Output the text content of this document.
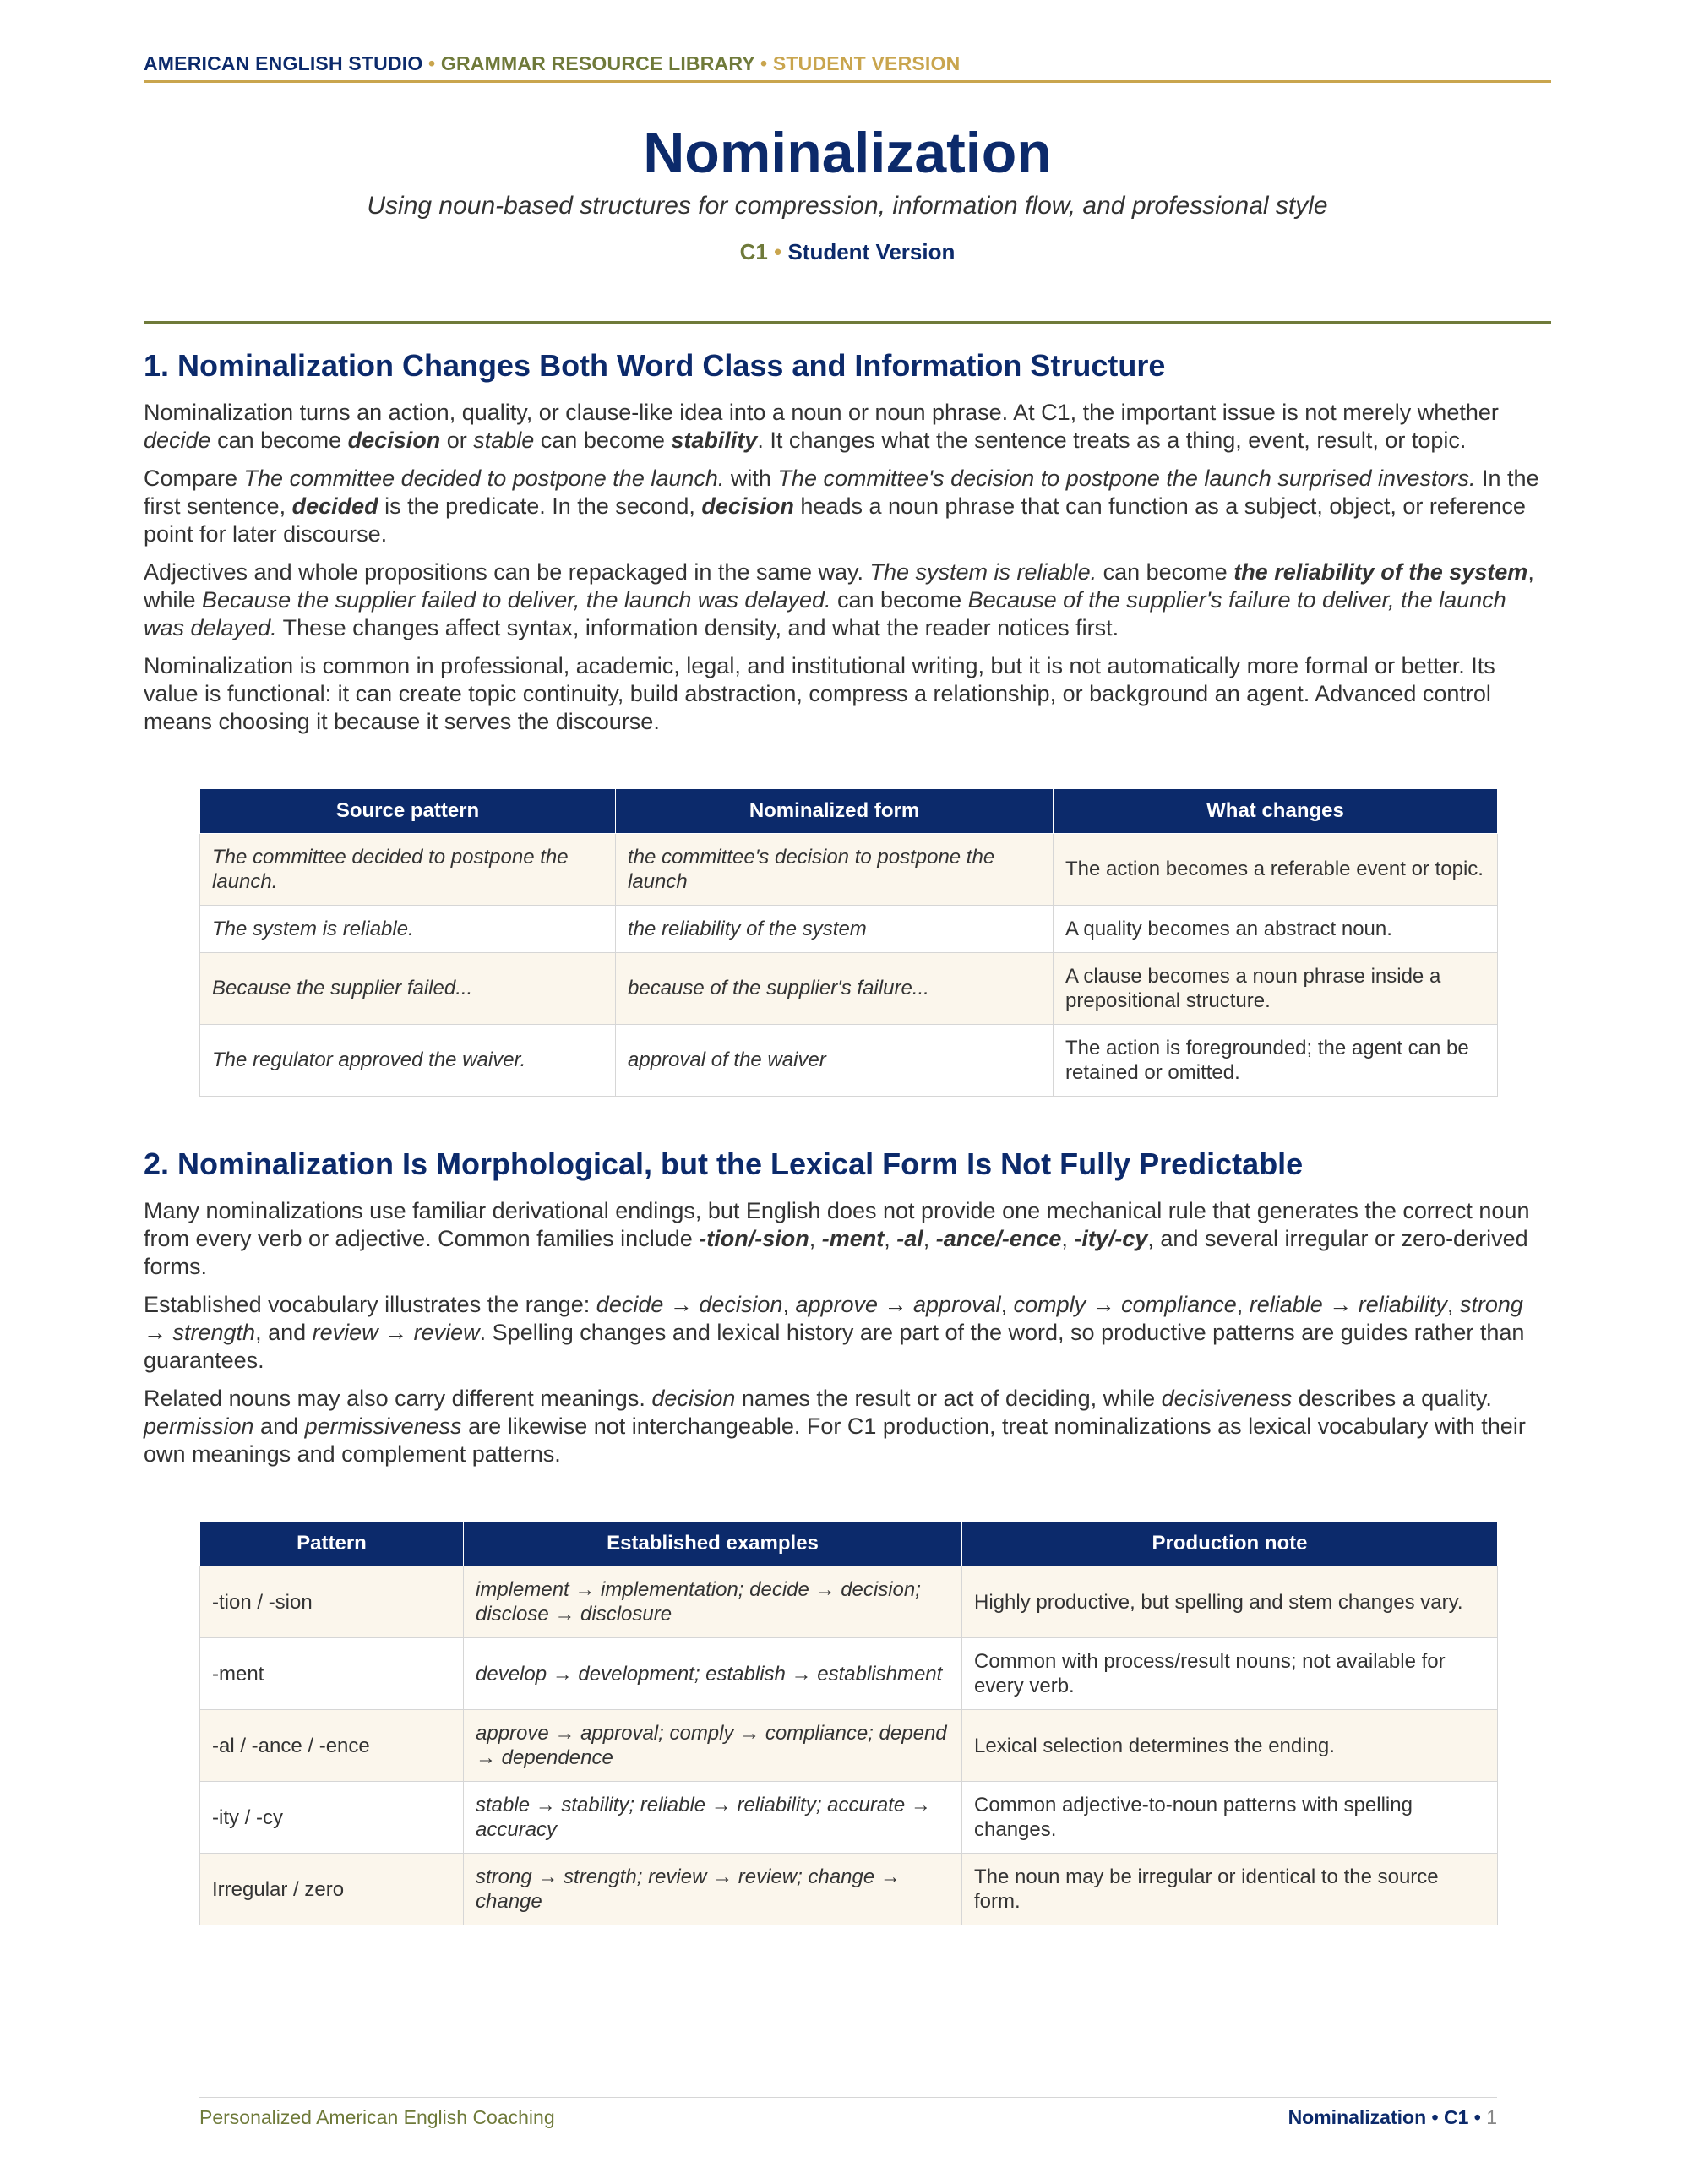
AMERICAN ENGLISH STUDIO • GRAMMAR RESOURCE LIBRARY • STUDENT VERSION
Nominalization
Using noun-based structures for compression, information flow, and professional style
C1 • Student Version
1. Nominalization Changes Both Word Class and Information Structure

Nominalization turns an action, quality, or clause-like idea into a noun or noun phrase. At C1, the important issue is not merely whether decide can become decision or stable can become stability. It changes what the sentence treats as a thing, event, result, or topic.

Compare The committee decided to postpone the launch. with The committee's decision to postpone the launch surprised investors. In the first sentence, decided is the predicate. In the second, decision heads a noun phrase that can function as a subject, object, or reference point for later discourse.

Adjectives and whole propositions can be repackaged in the same way. The system is reliable. can become the reliability of the system, while Because the supplier failed to deliver, the launch was delayed. can become Because of the supplier's failure to deliver, the launch was delayed. These changes affect syntax, information density, and what the reader notices first.

Nominalization is common in professional, academic, legal, and institutional writing, but it is not automatically more formal or better. Its value is functional: it can create topic continuity, build abstraction, compress a relationship, or background an agent. Advanced control means choosing it because it serves the discourse.

Source pattern	Nominalized form	What changes
The committee decided to postpone the launch.	the committee's decision to postpone the launch	The action becomes a referable event or topic.
The system is reliable.	the reliability of the system	A quality becomes an abstract noun.
Because the supplier failed...	because of the supplier's failure...	A clause becomes a noun phrase inside a prepositional structure.
The regulator approved the waiver.	approval of the waiver	The action is foregrounded; the agent can be retained or omitted.
2. Nominalization Is Morphological, but the Lexical Form Is Not Fully Predictable

Many nominalizations use familiar derivational endings, but English does not provide one mechanical rule that generates the correct noun from every verb or adjective. Common families include -tion/-sion, -ment, -al, -ance/-ence, -ity/-cy, and several irregular or zero-derived forms.

Established vocabulary illustrates the range: decide → decision, approve → approval, comply → compliance, reliable → reliability, strong → strength, and review → review. Spelling changes and lexical history are part of the word, so productive patterns are guides rather than guarantees.

Related nouns may also carry different meanings. decision names the result or act of deciding, while decisiveness describes a quality. permission and permissiveness are likewise not interchangeable. For C1 production, treat nominalizations as lexical vocabulary with their own meanings and complement patterns.

Pattern	Established examples	Production note
-tion / -sion	implement → implementation; decide → decision; disclose → disclosure	Highly productive, but spelling and stem changes vary.
-ment	develop → development; establish → establishment	Common with process/result nouns; not available for every verb.
-al / -ance / -ence	approve → approval; comply → compliance; depend → dependence	Lexical selection determines the ending.
-ity / -cy	stable → stability; reliable → reliability; accurate → accuracy	Common adjective-to-noun patterns with spelling changes.
Irregular / zero	strong → strength; review → review; change → change	The noun may be irregular or identical to the source form.
Personalized American English Coaching	Nominalization • C1 • 1
